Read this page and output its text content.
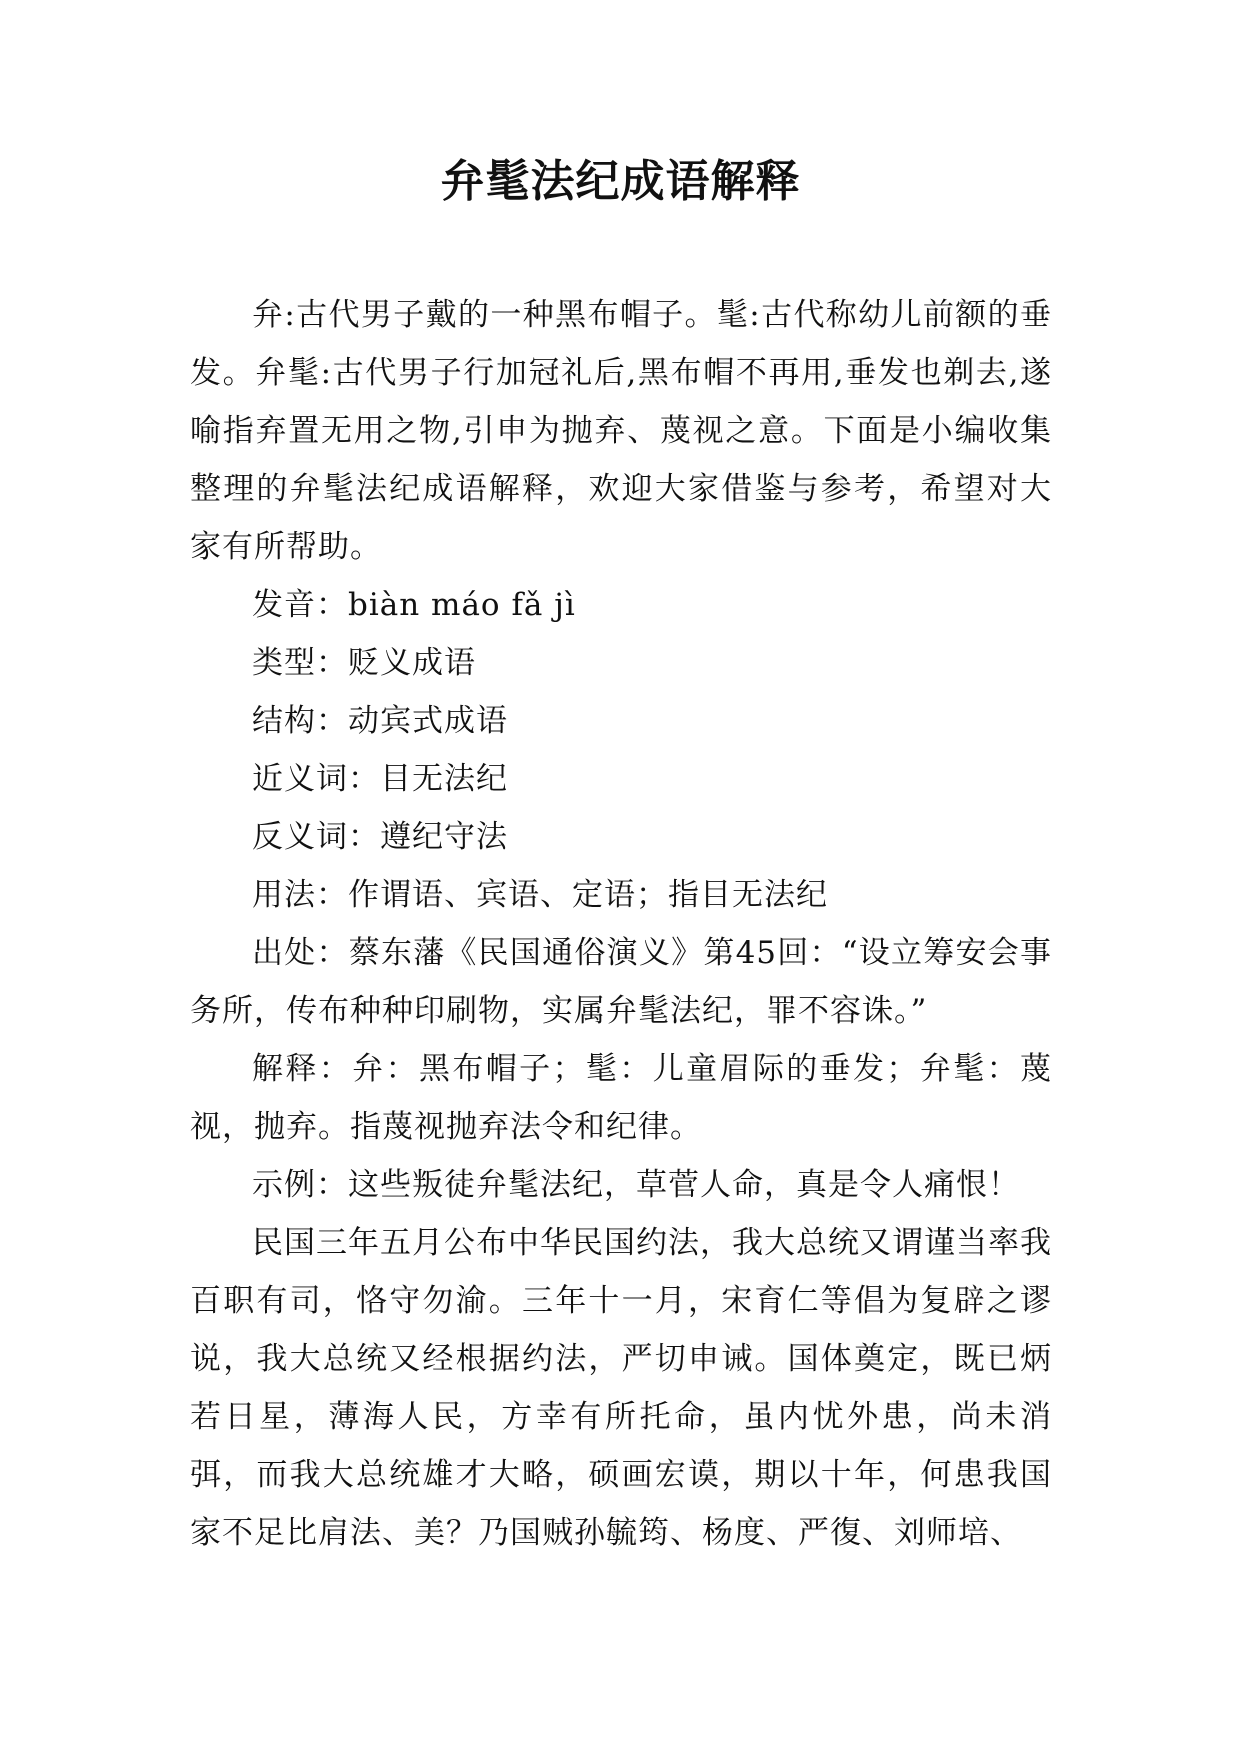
弁髦法纪成语解释

弁:古代男子戴的一种黑布帽子。髦:古代称幼儿前额的垂发。弁髦:古代男子行加冠礼后,黑布帽不再用,垂发也剃去,遂喻指弃置无用之物,引申为抛弃、蔑视之意。下面是小编收集整理的弁髦法纪成语解释，欢迎大家借鉴与参考，希望对大家有所帮助。

发音：biàn máo fǎ jì

类型：贬义成语

结构：动宾式成语

近义词：目无法纪

反义词：遵纪守法

用法：作谓语、宾语、定语；指目无法纪

出处：蔡东藩《民国通俗演义》第45回：“设立筹安会事务所，传布种种印刷物，实属弁髦法纪，罪不容诛。”

解释：弁：黑布帽子；髦：儿童眉际的垂发；弁髦：蔑视，抛弃。指蔑视抛弃法令和纪律。

示例：这些叛徒弁髦法纪，草菅人命，真是令人痛恨！

民国三年五月公布中华民国约法，我大总统又谓谨当率我百职有司，恪守勿渝。三年十一月，宋育仁等倡为复辟之谬说，我大总统又经根据约法，严切申诫。国体奠定，既已炳若日星，薄海人民，方幸有所托命，虽内忧外患，尚未消弭，而我大总统雄才大略，硕画宏谟，期以十年，何患我国家不足比肩法、美？乃国贼孙毓筠、杨度、严復、刘师培、
